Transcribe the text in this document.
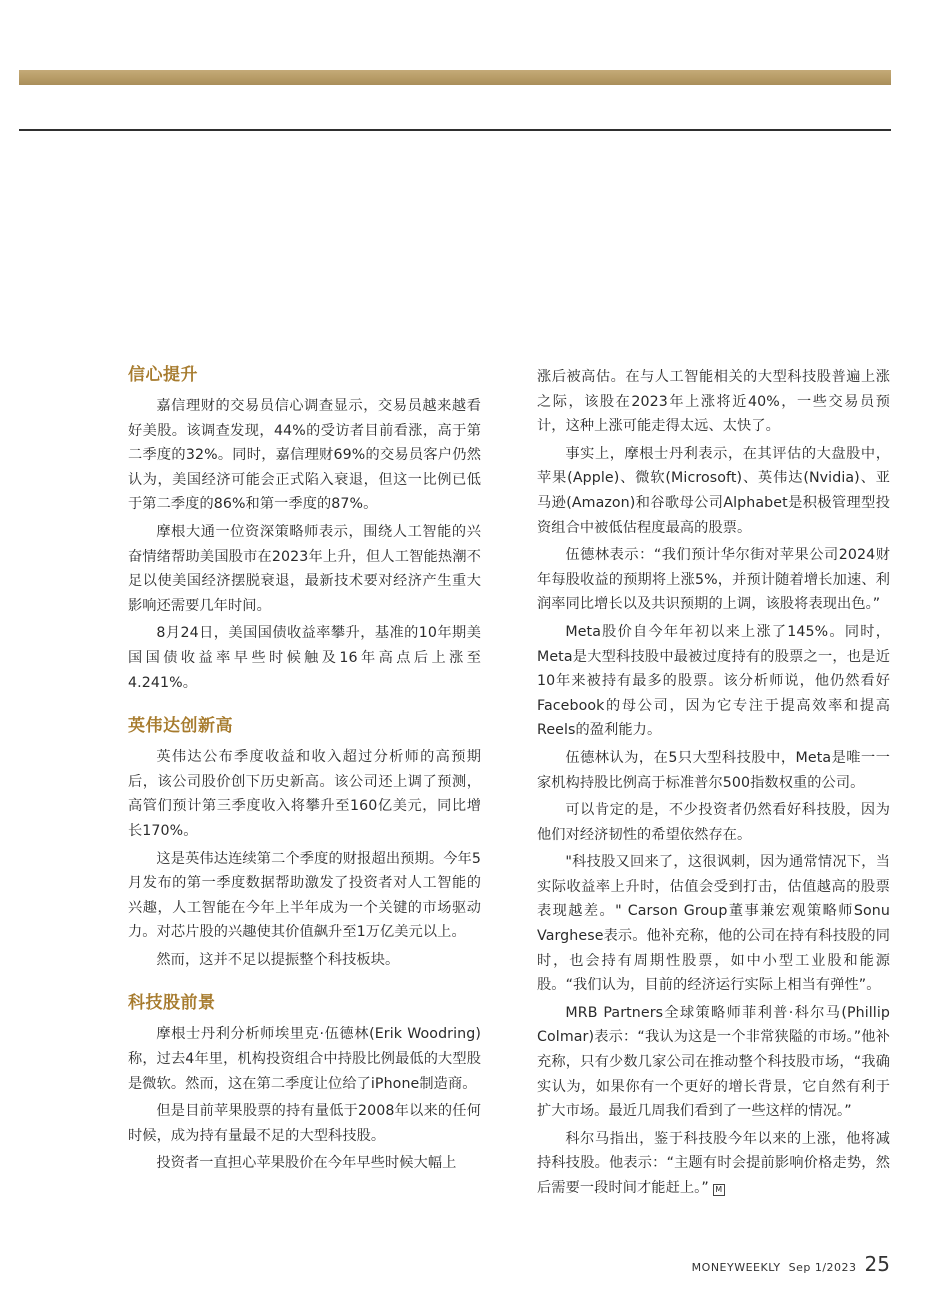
信心提升

嘉信理财的交易员信心调查显示，交易员越来越看好美股。该调查发现，44%的受访者目前看涨，高于第二季度的32%。同时，嘉信理财69%的交易员客户仍然认为，美国经济可能会正式陷入衰退，但这一比例已低于第二季度的86%和第一季度的87%。

摩根大通一位资深策略师表示，围绕人工智能的兴奋情绪帮助美国股市在2023年上升，但人工智能热潮不足以使美国经济摆脱衰退，最新技术要对经济产生重大影响还需要几年时间。

8月24日，美国国债收益率攀升，基准的10年期美国国债收益率早些时候触及16年高点后上涨至4.241%。

英伟达创新高

英伟达公布季度收益和收入超过分析师的高预期后，该公司股价创下历史新高。该公司还上调了预测，高管们预计第三季度收入将攀升至160亿美元，同比增长170%。

这是英伟达连续第二个季度的财报超出预期。今年5月发布的第一季度数据帮助激发了投资者对人工智能的兴趣，人工智能在今年上半年成为一个关键的市场驱动力。对芯片股的兴趣使其价值飙升至1万亿美元以上。

然而，这并不足以提振整个科技板块。

科技股前景

摩根士丹利分析师埃里克·伍德林(Erik Woodring)称，过去4年里，机构投资组合中持股比例最低的大型股是微软。然而，这在第二季度让位给了iPhone制造商。

但是目前苹果股票的持有量低于2008年以来的任何时候，成为持有量最不足的大型科技股。

投资者一直担心苹果股价在今年早些时候大幅上

涨后被高估。在与人工智能相关的大型科技股普遍上涨之际，该股在2023年上涨将近40%，一些交易员预计，这种上涨可能走得太远、太快了。

事实上，摩根士丹利表示，在其评估的大盘股中，苹果(Apple)、微软(Microsoft)、英伟达(Nvidia)、亚马逊(Amazon)和谷歌母公司Alphabet是积极管理型投资组合中被低估程度最高的股票。

伍德林表示：“我们预计华尔街对苹果公司2024财年每股收益的预期将上涨5%，并预计随着增长加速、利润率同比增长以及共识预期的上调，该股将表现出色。”

Meta股价自今年年初以来上涨了145%。同时，Meta是大型科技股中最被过度持有的股票之一，也是近10年来被持有最多的股票。该分析师说，他仍然看好Facebook的母公司，因为它专注于提高效率和提高Reels的盈利能力。

伍德林认为，在5只大型科技股中，Meta是唯一一家机构持股比例高于标准普尔500指数权重的公司。

可以肯定的是，不少投资者仍然看好科技股，因为他们对经济韧性的希望依然存在。

"科技股又回来了，这很讽刺，因为通常情况下，当实际收益率上升时，估值会受到打击，估值越高的股票表现越差。" Carson Group董事兼宏观策略师Sonu Varghese表示。他补充称，他的公司在持有科技股的同时，也会持有周期性股票，如中小型工业股和能源股。“我们认为，目前的经济运行实际上相当有弹性”。

MRB Partners全球策略师菲利普·科尔马(Phillip Colmar)表示：“我认为这是一个非常狭隘的市场。”他补充称，只有少数几家公司在推动整个科技股市场，“我确实认为，如果你有一个更好的增长背景，它自然有利于扩大市场。最近几周我们看到了一些这样的情况。”

科尔马指出，鉴于科技股今年以来的上涨，他将减持科技股。他表示：“主题有时会提前影响价格走势，然后需要一段时间才能赶上。” M

MONEYWEEKLY Sep 1/2023 25
